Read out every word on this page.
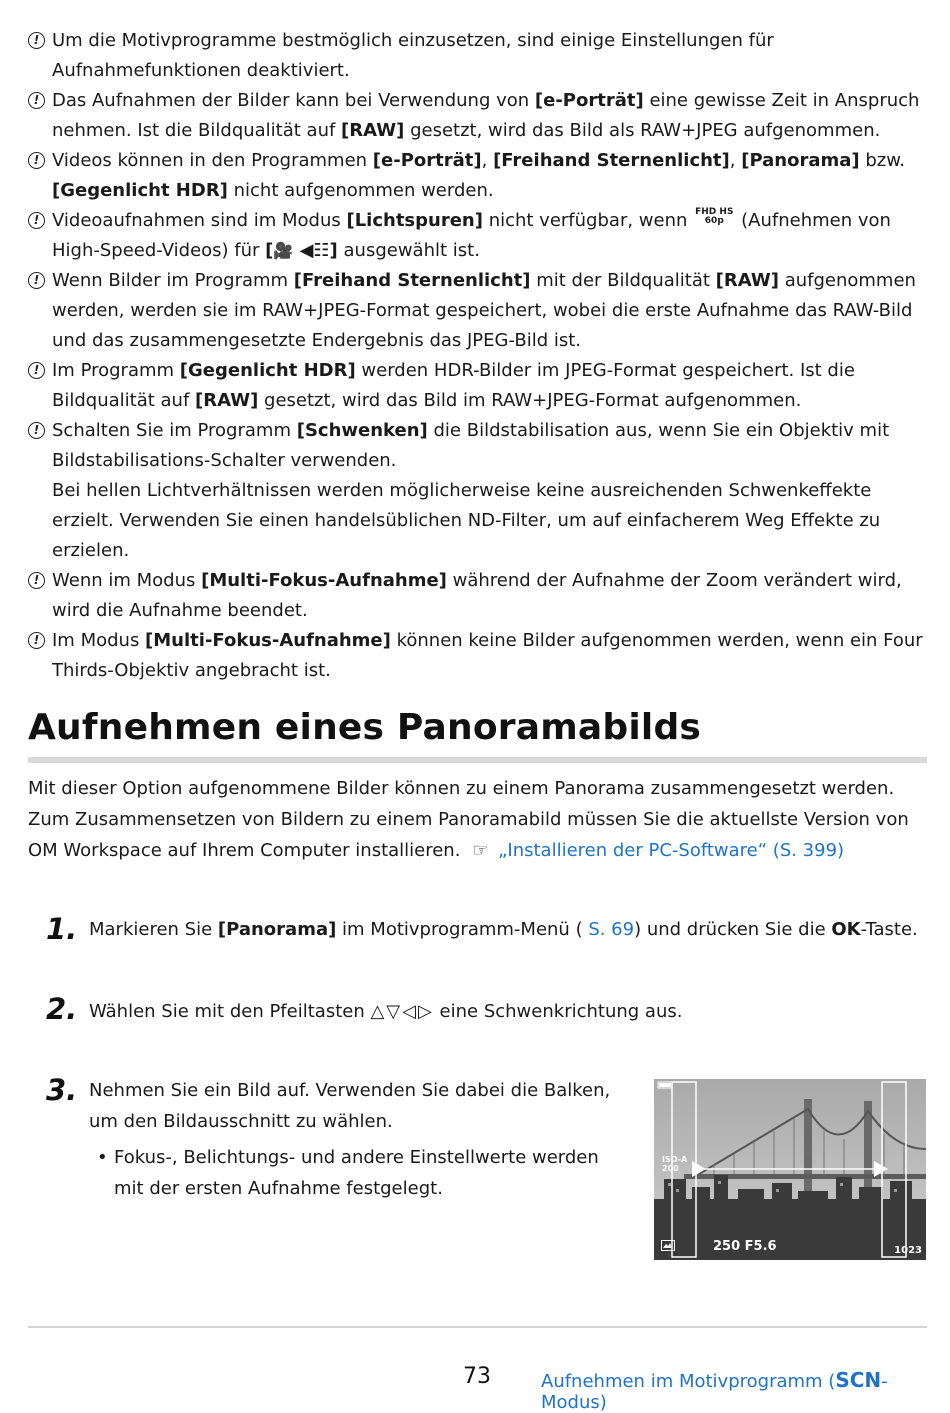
! Um die Motivprogramme bestmöglich einzusetzen, sind einige Einstellungen für Aufnahmefunktionen deaktiviert.
! Das Aufnahmen der Bilder kann bei Verwendung von [e-Porträt] eine gewisse Zeit in Anspruch nehmen. Ist die Bildqualität auf [RAW] gesetzt, wird das Bild als RAW+JPEG aufgenommen.
! Videos können in den Programmen [e-Porträt], [Freihand Sternenlicht], [Panorama] bzw. [Gegenlicht HDR] nicht aufgenommen werden.
! Videoaufnahmen sind im Modus [Lichtspuren] nicht verfügbar, wenn FHD HS
60p (Aufnehmen von High-Speed-Videos) für [🎥 ◀☷] ausgewählt ist.
! Wenn Bilder im Programm [Freihand Sternenlicht] mit der Bildqualität [RAW] aufgenommen werden, werden sie im RAW+JPEG-Format gespeichert, wobei die erste Aufnahme das RAW-Bild und das zusammengesetzte Endergebnis das JPEG-Bild ist.
! Im Programm [Gegenlicht HDR] werden HDR-Bilder im JPEG-Format gespeichert. Ist die Bildqualität auf [RAW] gesetzt, wird das Bild im RAW+JPEG-Format aufgenommen.
! Schalten Sie im Programm [Schwenken] die Bildstabilisation aus, wenn Sie ein Objektiv mit Bildstabilisations-Schalter verwenden.
Bei hellen Lichtverhältnissen werden möglicherweise keine ausreichenden Schwenkeffekte erzielt. Verwenden Sie einen handelsüblichen ND-Filter, um auf einfacherem Weg Effekte zu erzielen.
! Wenn im Modus [Multi-Fokus-Aufnahme] während der Aufnahme der Zoom verändert wird, wird die Aufnahme beendet.
! Im Modus [Multi-Fokus-Aufnahme] können keine Bilder aufgenommen werden, wenn ein Four Thirds-Objektiv angebracht ist.
Aufnehmen eines Panoramabilds
Mit dieser Option aufgenommene Bilder können zu einem Panorama zusammengesetzt werden. Zum Zusammensetzen von Bildern zu einem Panoramabild müssen Sie die aktuellste Version von OM Workspace auf Ihrem Computer installieren. ☞ „Installieren der PC-Software“ (S. 399)
1. Markieren Sie [Panorama] im Motivprogramm-Menü ( S. 69) und drücken Sie die OK-Taste.
2. Wählen Sie mit den Pfeiltasten △▽◁▷ eine Schwenkrichtung aus.
3. Nehmen Sie ein Bild auf. Verwenden Sie dabei die Balken, um den Bildausschnitt zu wählen.
• Fokus-, Belichtungs- und andere Einstellwerte werden mit der ersten Aufnahme festgelegt.
ISO-A
200
250 F5.6	1023
73	Aufnehmen im Motivprogramm (SCN-Modus)
